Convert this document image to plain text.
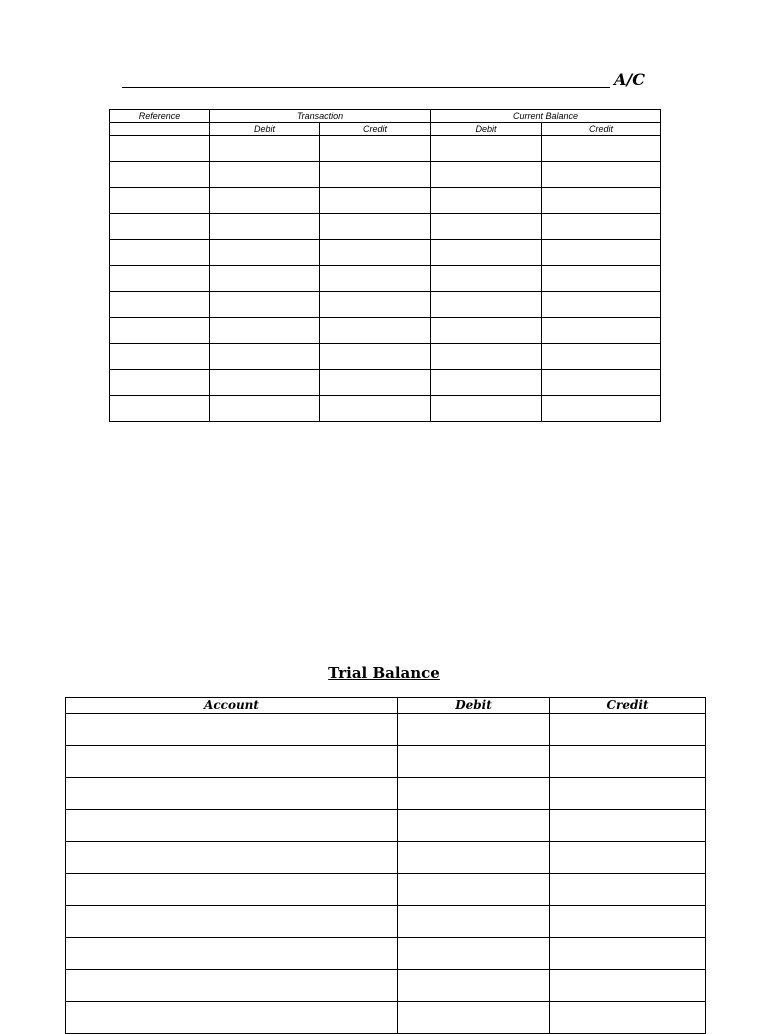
A/C
Reference	Transaction		Current Balance	
	Debit	Credit	Debit	Credit

Trial Balance
Account	Debit	Credit
